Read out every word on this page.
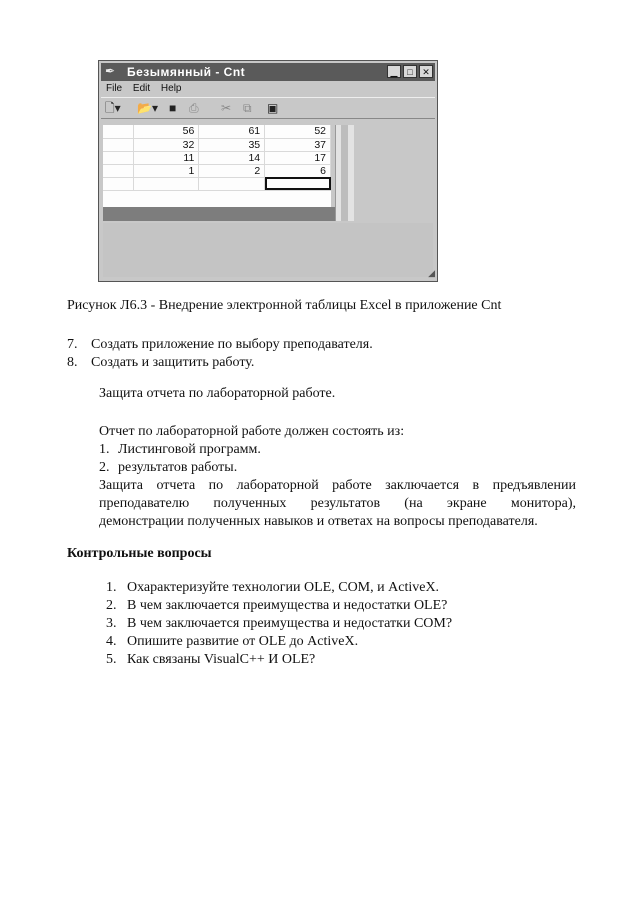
✒ Безымянный - Cnt	▁	□	✕
File Edit Help
🗋▾ 📂▾ ■ ⎙ ✂ ⧉ ▣
	56	61	52
	32	35	37
	11	14	17
	1	2	6

◢
Рисунок Л6.3 - Внедрение электронной таблицы Excel в приложение Cnt
7. Создать приложение по выбору преподавателя.
8. Создать и защитить работу.
Защита отчета по лабораторной работе.
Отчет по лабораторной работе должен состоять из:
1. Листинговой программ.
2. результатов работы.
Защита отчета по лабораторной работе заключается в предъявлении
преподавателю полученных результатов (на экране монитора),
демонстрации полученных навыков и ответах на вопросы преподавателя.
Контрольные вопросы
1. Охарактеризуйте технологии OLE, COM, и ActiveX.
2. В чем заключается преимущества и недостатки OLE?
3. В чем заключается преимущества и недостатки COM?
4. Опишите развитие от OLE до ActiveX.
5. Как связаны VisualC++ И OLE?
